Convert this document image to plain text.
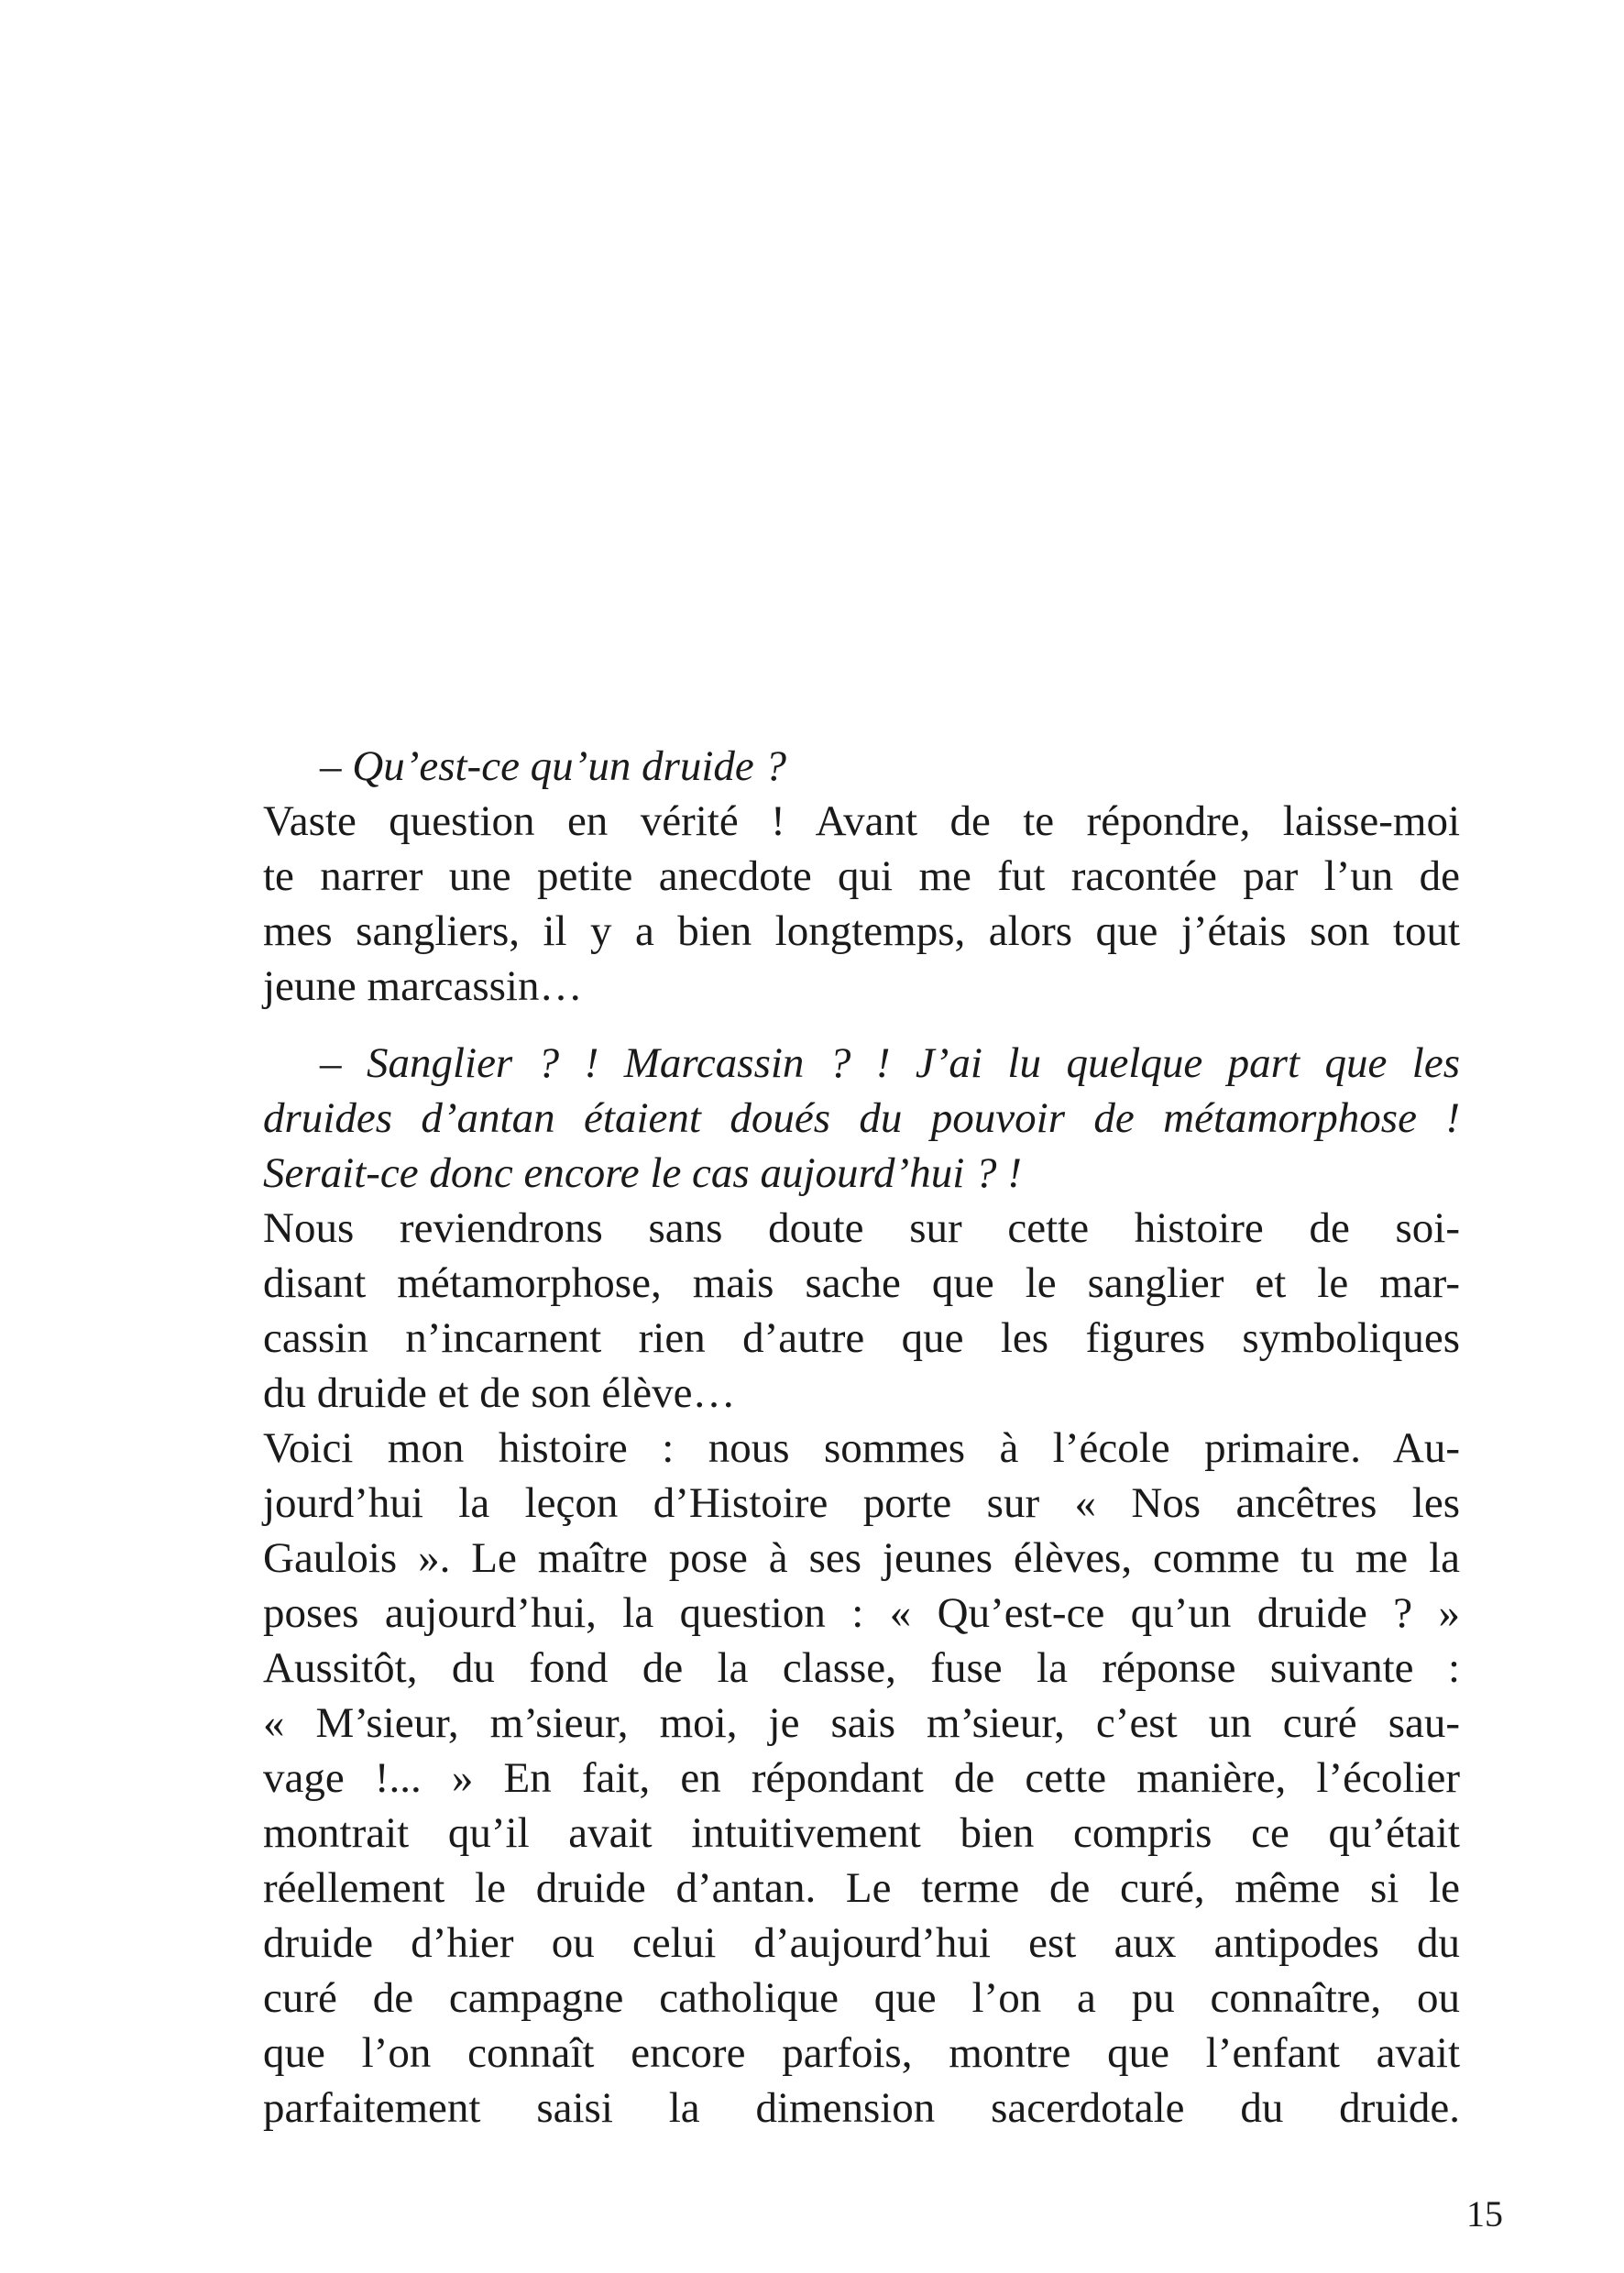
– Qu’est-ce qu’un druide ?
Vaste question en vérité ! Avant de te répondre, laisse-moi
te narrer une petite anecdote qui me fut racontée par l’un de
mes sangliers, il y a bien longtemps, alors que j’étais son tout
jeune marcassin…
– Sanglier ? ! Marcassin ? ! J’ai lu quelque part que les
druides d’antan étaient doués du pouvoir de métamorphose !
Serait-ce donc encore le cas aujourd’hui ? !
Nous reviendrons sans doute sur cette histoire de soi-
disant métamorphose, mais sache que le sanglier et le mar-
cassin n’incarnent rien d’autre que les figures symboliques
du druide et de son élève…
Voici mon histoire : nous sommes à l’école primaire. Au-
jourd’hui la leçon d’Histoire porte sur « Nos ancêtres les
Gaulois ». Le maître pose à ses jeunes élèves, comme tu me la
poses aujourd’hui, la question : « Qu’est-ce qu’un druide ? »
Aussitôt, du fond de la classe, fuse la réponse suivante :
« M’sieur, m’sieur, moi, je sais m’sieur, c’est un curé sau-
vage !... » En fait, en répondant de cette manière, l’écolier
montrait qu’il avait intuitivement bien compris ce qu’était
réellement le druide d’antan. Le terme de curé, même si le
druide d’hier ou celui d’aujourd’hui est aux antipodes du
curé de campagne catholique que l’on a pu connaître, ou
que l’on connaît encore parfois, montre que l’enfant avait
parfaitement saisi la dimension sacerdotale du druide.
15
